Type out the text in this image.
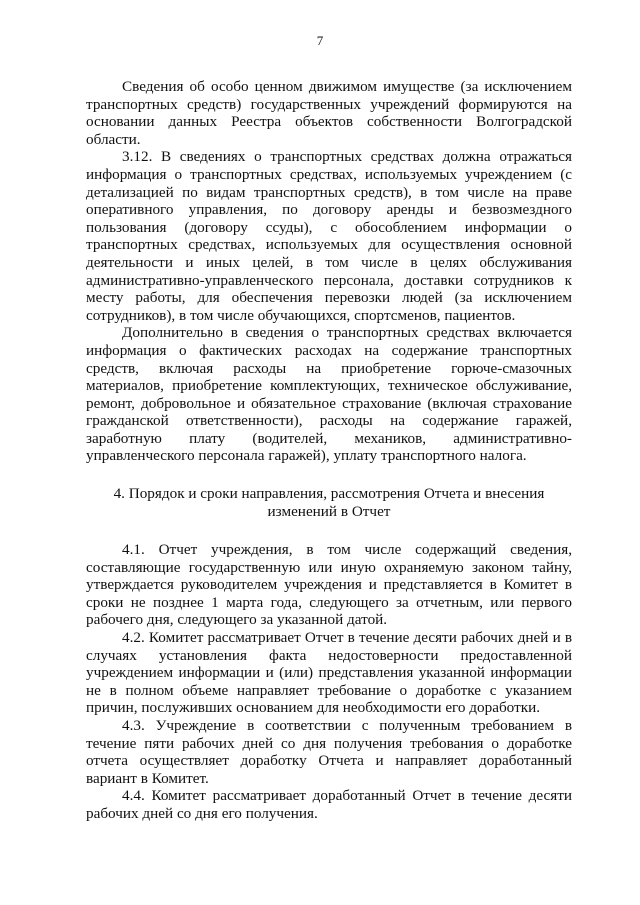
7

Сведения об особо ценном движимом имуществе (за исключением транспортных средств) государственных учреждений формируются на основании данных Реестра объектов собственности Волгоградской области.

3.12. В сведениях о транспортных средствах должна отражаться информация о транспортных средствах, используемых учреждением (с детализацией по видам транспортных средств), в том числе на праве оперативного управления, по договору аренды и безвозмездного пользования (договору ссуды), с обособлением информации о транспортных средствах, используемых для осуществления основной деятельности и иных целей, в том числе в целях обслуживания административно-управленческого персонала, доставки сотрудников к месту работы, для обеспечения перевозки людей (за исключением сотрудников), в том числе обучающихся, спортсменов, пациентов.

Дополнительно в сведения о транспортных средствах включается информация о фактических расходах на содержание транспортных средств, включая расходы на приобретение горюче-смазочных материалов, приобретение комплектующих, техническое обслуживание, ремонт, добровольное и обязательное страхование (включая страхование гражданской ответственности), расходы на содержание гаражей, заработную плату (водителей, механиков, административно-управленческого персонала гаражей), уплату транспортного налога.

4. Порядок и сроки направления, рассмотрения Отчета и внесения
изменений в Отчет

4.1. Отчет учреждения, в том числе содержащий сведения, составляющие государственную или иную охраняемую законом тайну, утверждается руководителем учреждения и представляется в Комитет в сроки не позднее 1 марта года, следующего за отчетным, или первого рабочего дня, следующего за указанной датой.

4.2. Комитет рассматривает Отчет в течение десяти рабочих дней и в случаях установления факта недостоверности предоставленной учреждением информации и (или) представления указанной информации не в полном объеме направляет требование о доработке с указанием причин, послуживших основанием для необходимости его доработки.

4.3. Учреждение в соответствии с полученным требованием в течение пяти рабочих дней со дня получения требования о доработке отчета осуществляет доработку Отчета и направляет доработанный вариант в Комитет.

4.4. Комитет рассматривает доработанный Отчет в течение десяти рабочих дней со дня его получения.
